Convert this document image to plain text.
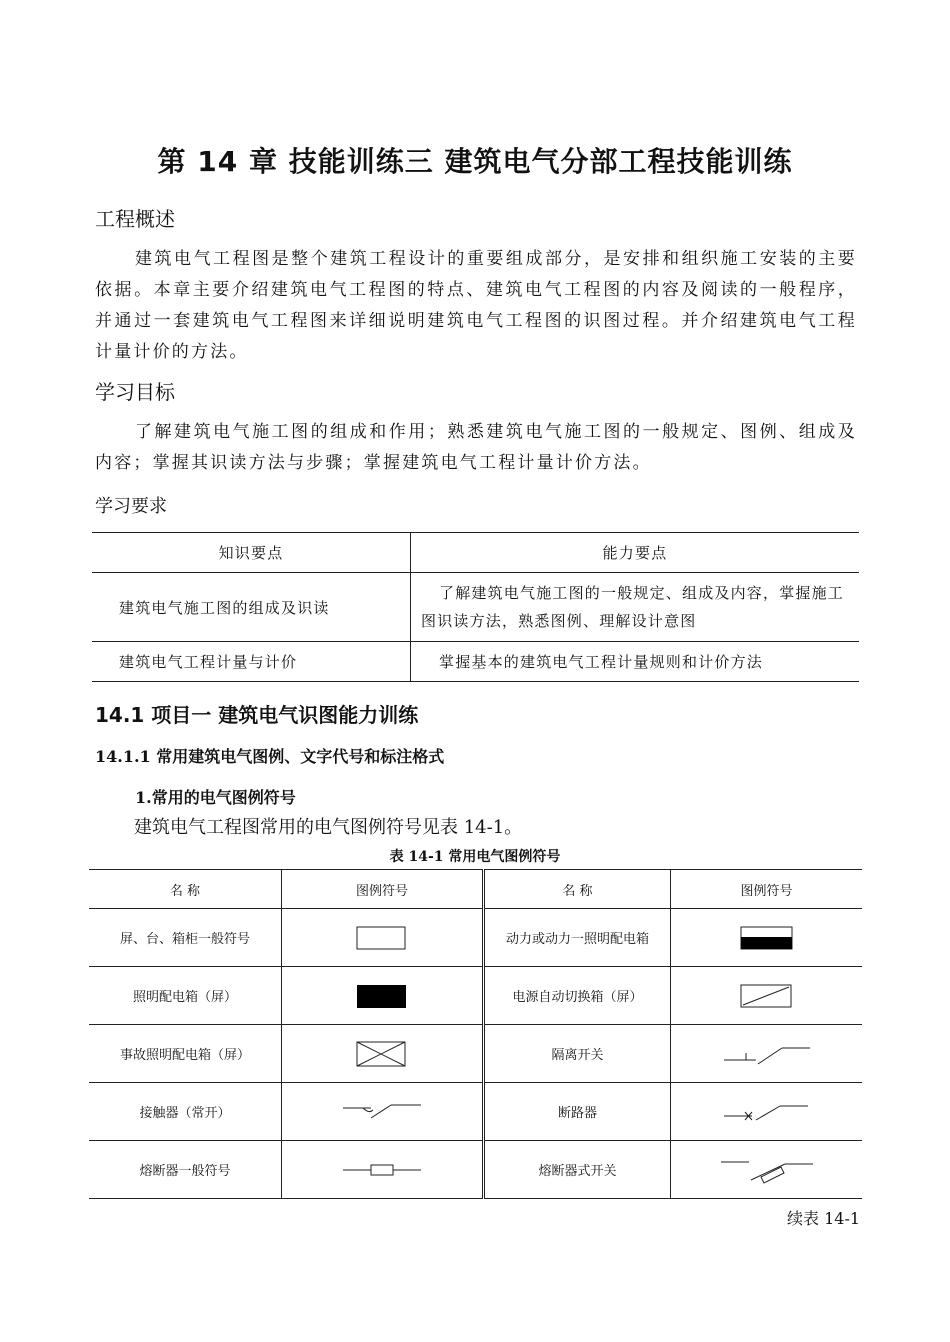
第 14 章 技能训练三 建筑电气分部工程技能训练
工程概述
建筑电气工程图是整个建筑工程设计的重要组成部分，是安排和组织施工安装的主要依据。本章主要介绍建筑电气工程图的特点、建筑电气工程图的内容及阅读的一般程序，并通过一套建筑电气工程图来详细说明建筑电气工程图的识图过程。并介绍建筑电气工程计量计价的方法。
学习目标
了解建筑电气施工图的组成和作用；熟悉建筑电气施工图的一般规定、图例、组成及内容；掌握其识读方法与步骤；掌握建筑电气工程计量计价方法。
学习要求
知识要点	能力要点
建筑电气施工图的组成及识读	了解建筑电气施工图的一般规定、组成及内容，掌握施工图识读方法，熟悉图例、理解设计意图
建筑电气工程计量与计价	掌握基本的建筑电气工程计量规则和计价方法
14.1 项目一 建筑电气识图能力训练
14.1.1 常用建筑电气图例、文字代号和标注格式
1.常用的电气图例符号
建筑电气工程图常用的电气图例符号见表 14-1。
表 14-1 常用电气图例符号
名 称	图例符号	名 称	图例符号
屏、台、箱柜一般符号		动力或动力一照明配电箱	

照明配电箱（屏）		电源自动切换箱（屏）	

事故照明配电箱（屏）		隔离开关	

接触器（常开）		断路器	

熔断器一般符号		熔断器式开关	
续表 14-1
